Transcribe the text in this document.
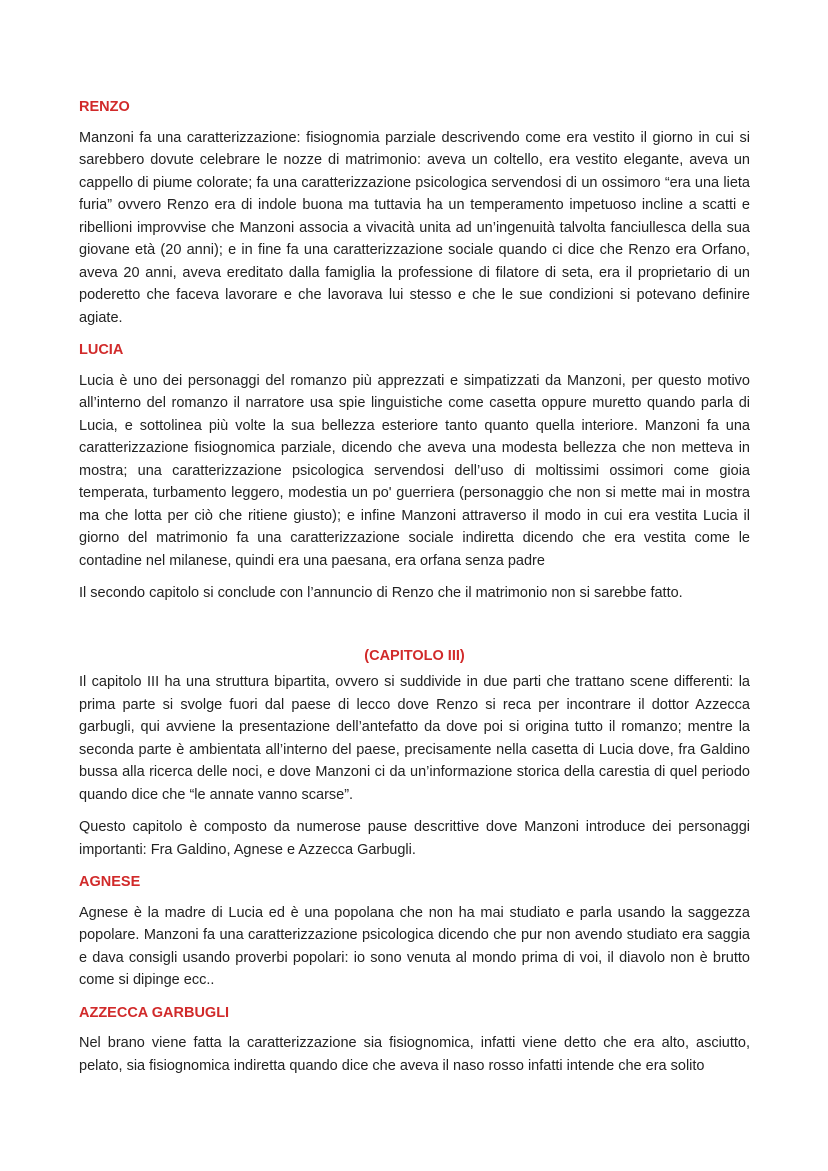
RENZO

Manzoni fa una caratterizzazione: fisiognomia parziale descrivendo come era vestito il giorno in cui si sarebbero dovute celebrare le nozze di matrimonio: aveva un coltello, era vestito elegante, aveva un cappello di piume colorate; fa una caratterizzazione psicologica servendosi di un ossimoro “era una lieta furia” ovvero Renzo era di indole buona ma tuttavia ha un temperamento impetuoso incline a scatti e ribellioni improvvise che Manzoni associa a vivacità unita ad un’ingenuità talvolta fanciullesca della sua giovane età (20 anni); e in fine fa una caratterizzazione sociale quando ci dice che Renzo era Orfano, aveva 20 anni, aveva ereditato dalla famiglia la professione di filatore di seta, era il proprietario di un poderetto che faceva lavorare e che lavorava lui stesso e che le sue condizioni si potevano definire agiate.

LUCIA

Lucia è uno dei personaggi del romanzo più apprezzati e simpatizzati da Manzoni, per questo motivo all’interno del romanzo il narratore usa spie linguistiche come casetta oppure muretto quando parla di Lucia, e sottolinea più volte la sua bellezza esteriore tanto quanto quella interiore. Manzoni fa una caratterizzazione fisiognomica parziale, dicendo che aveva una modesta bellezza che non metteva in mostra; una caratterizzazione psicologica servendosi dell’uso di moltissimi ossimori come gioia temperata, turbamento leggero, modestia un po' guerriera (personaggio che non si mette mai in mostra ma che lotta per ciò che ritiene giusto); e infine Manzoni attraverso il modo in cui era vestita Lucia il giorno del matrimonio fa una caratterizzazione sociale indiretta dicendo che era vestita come le contadine nel milanese, quindi era una paesana, era orfana senza padre

Il secondo capitolo si conclude con l’annuncio di Renzo che il matrimonio non si sarebbe fatto.

(CAPITOLO III)

Il capitolo III ha una struttura bipartita, ovvero si suddivide in due parti che trattano scene differenti: la prima parte si svolge fuori dal paese di lecco dove Renzo si reca per incontrare il dottor Azzecca garbugli, qui avviene la presentazione dell’antefatto da dove poi si origina tutto il romanzo; mentre la seconda parte è ambientata all’interno del paese, precisamente nella casetta di Lucia dove, fra Galdino bussa alla ricerca delle noci, e dove Manzoni ci da un’informazione storica della carestia di quel periodo quando dice che “le annate vanno scarse”.

Questo capitolo è composto da numerose pause descrittive dove Manzoni introduce dei personaggi importanti: Fra Galdino, Agnese e Azzecca Garbugli.

AGNESE

Agnese è la madre di Lucia ed è una popolana che non ha mai studiato e parla usando la saggezza popolare. Manzoni fa una caratterizzazione psicologica dicendo che pur non avendo studiato era saggia e dava consigli usando proverbi popolari: io sono venuta al mondo prima di voi, il diavolo non è brutto come si dipinge ecc..

AZZECCA GARBUGLI

Nel brano viene fatta la caratterizzazione sia fisiognomica, infatti viene detto che era alto, asciutto, pelato, sia fisiognomica indiretta quando dice che aveva il naso rosso infatti intende che era solito
